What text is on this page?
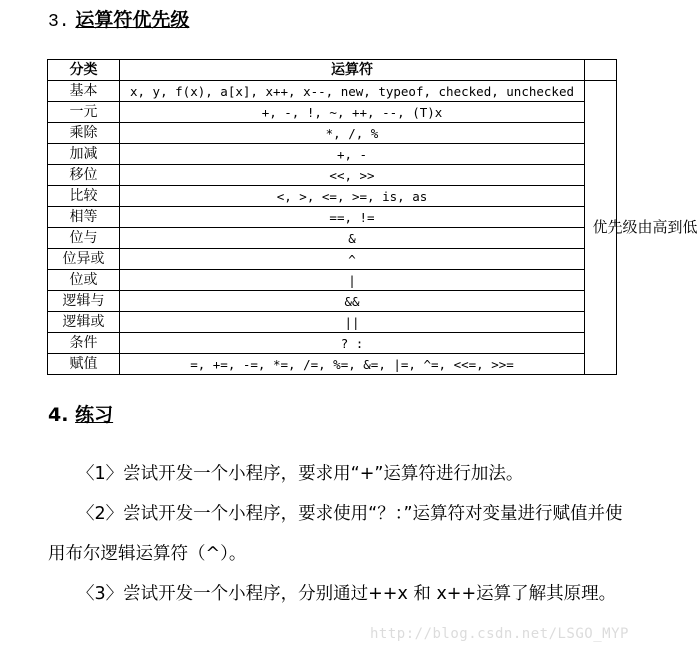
3. 运算符优先级
分类	运算符	
基本	x, y, f(x), a[x], x++, x--, new, typeof, checked, unchecked	优先级由高到低
一元	+, -, !, ~, ++, --, (T)x	
乘除	*, /, %	
加减	+, -	
移位	<<, >>	
比较	<, >, <=, >=, is, as	
相等	==, !=	
位与	&	
位异或	^	
位或	|	
逻辑与	&&	
逻辑或	||	
条件	? :	
赋值	=, +=, -=, *=, /=, %=, &=, |=, ^=, <<=, >>=	
4. 练习
〈1〉尝试开发一个小程序，要求用“+”运算符进行加法。
〈2〉尝试开发一个小程序，要求使用“？：”运算符对变量进行赋值并使用布尔逻辑运算符（^）。
〈3〉尝试开发一个小程序，分别通过++x 和 x++运算了解其原理。
http://blog.csdn.net/LSGO_MYP
